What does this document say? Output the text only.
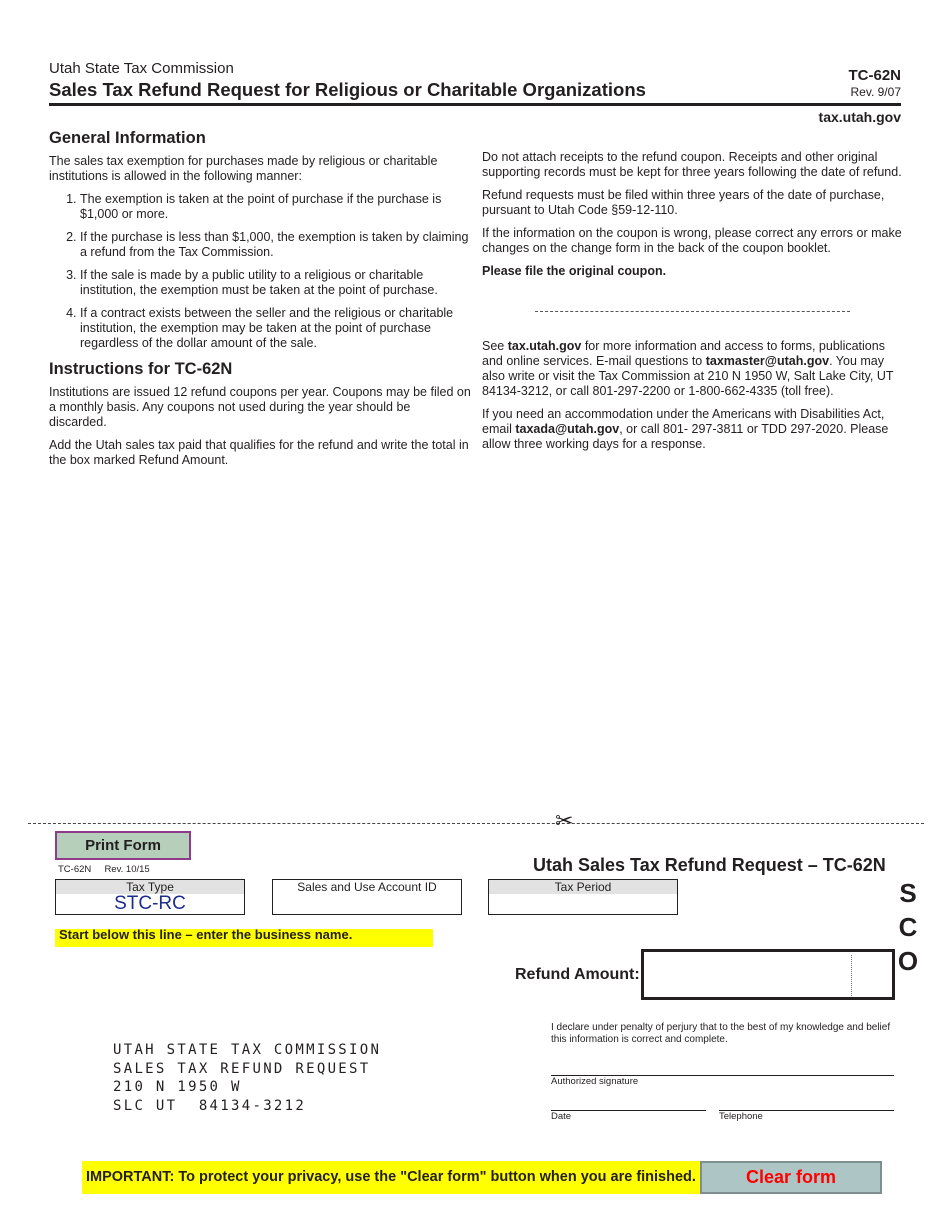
Utah State Tax Commission
Sales Tax Refund Request for Religious or Charitable Organizations
TC-62N
Rev. 9/07
tax.utah.gov
General Information

The sales tax exemption for purchases made by religious or charitable institutions is allowed in the following manner:

1. The exemption is taken at the point of purchase if the purchase is $1,000 or more.
2. If the purchase is less than $1,000, the exemption is taken by claiming a refund from the Tax Commission.
3. If the sale is made by a public utility to a religious or charitable institution, the exemption must be taken at the point of purchase.
4. If a contract exists between the seller and the religious or charitable institution, the exemption may be taken at the point of purchase regardless of the dollar amount of the sale.
Instructions for TC-62N

Institutions are issued 12 refund coupons per year. Coupons may be filed on a monthly basis. Any coupons not used during the year should be discarded.

Add the Utah sales tax paid that qualifies for the refund and write the total in the box marked Refund Amount.

Do not attach receipts to the refund coupon. Receipts and other original supporting records must be kept for three years following the date of refund.

Refund requests must be filed within three years of the date of purchase, pursuant to Utah Code §59-12-110.

If the information on the coupon is wrong, please correct any errors or make changes on the change form in the back of the coupon booklet.

Please file the original coupon.

See tax.utah.gov for more information and access to forms, publications and online services. E-mail questions to taxmaster@utah.gov. You may also write or visit the Tax Commission at 210 N 1950 W, Salt Lake City, UT 84134-3212, or call 801-297-2200 or 1-800-662-4335 (toll free).

If you need an accommodation under the Americans with Disabilities Act, email taxada@utah.gov, or call 801- 297-3811 or TDD 297-2020. Please allow three working days for a response.

✂
Print Form
TC-62N     Rev. 10/15	Utah Sales Tax Refund Request – TC-62N
Tax Type
STC-RC
Sales and Use Account ID	Tax Period	S
C
O
Start below this line – enter the business name.
Refund Amount:
UTAH STATE TAX COMMISSION
SALES TAX REFUND REQUEST
210 N 1950 W
SLC UT  84134-3212
I declare under penalty of perjury that to the best of my knowledge and belief this information is correct and complete.
Authorized signature
Date	Telephone
IMPORTANT: To protect your privacy, use the "Clear form" button when you are finished.	Clear form
